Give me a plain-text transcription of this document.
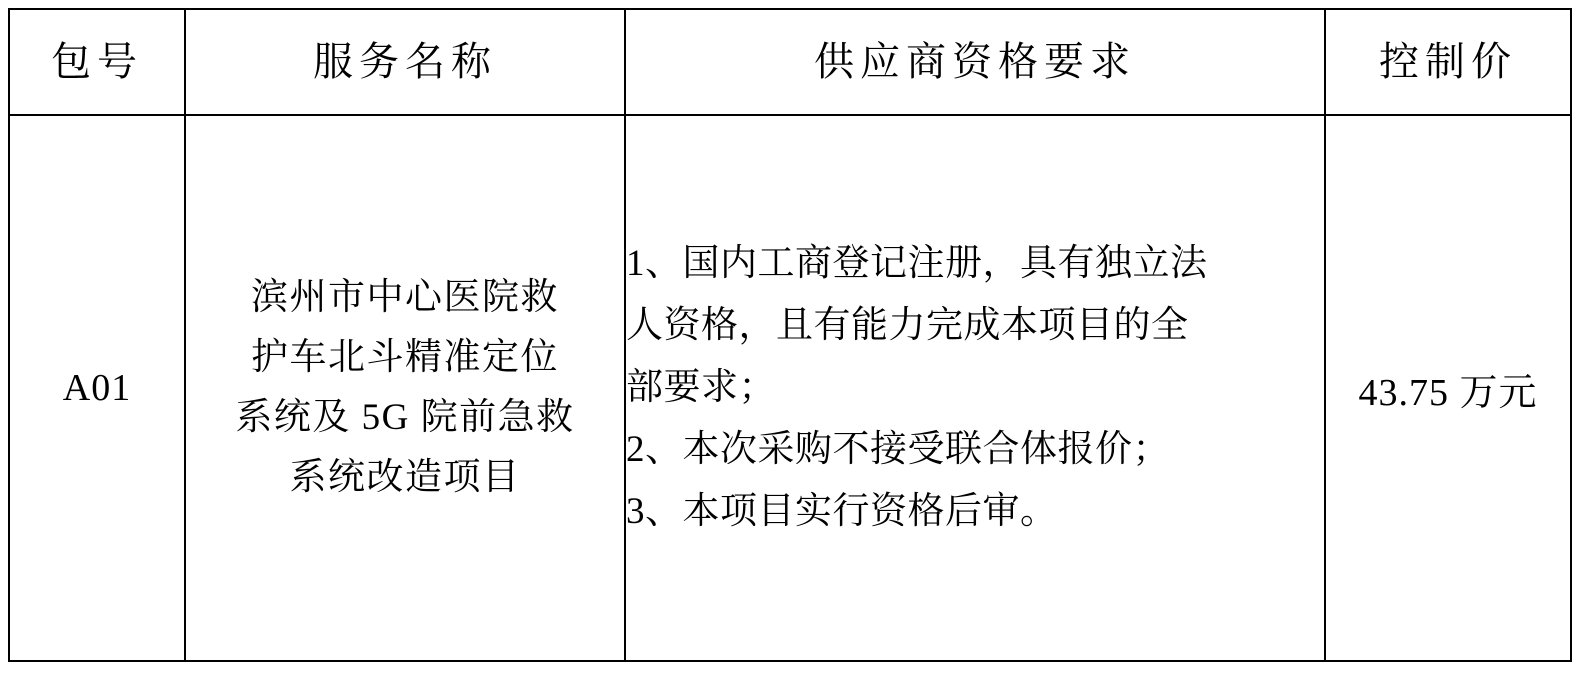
包号	服务名称	供应商资格要求	控制价
A01	滨州市中心医院救
护车北斗精准定位
系统及 5G 院前急救
系统改造项目	1、国内工商登记注册，具有独立法
人资格，且有能力完成本项目的全
部要求；
2、本次采购不接受联合体报价；
3、本项目实行资格后审。	43.75 万元
